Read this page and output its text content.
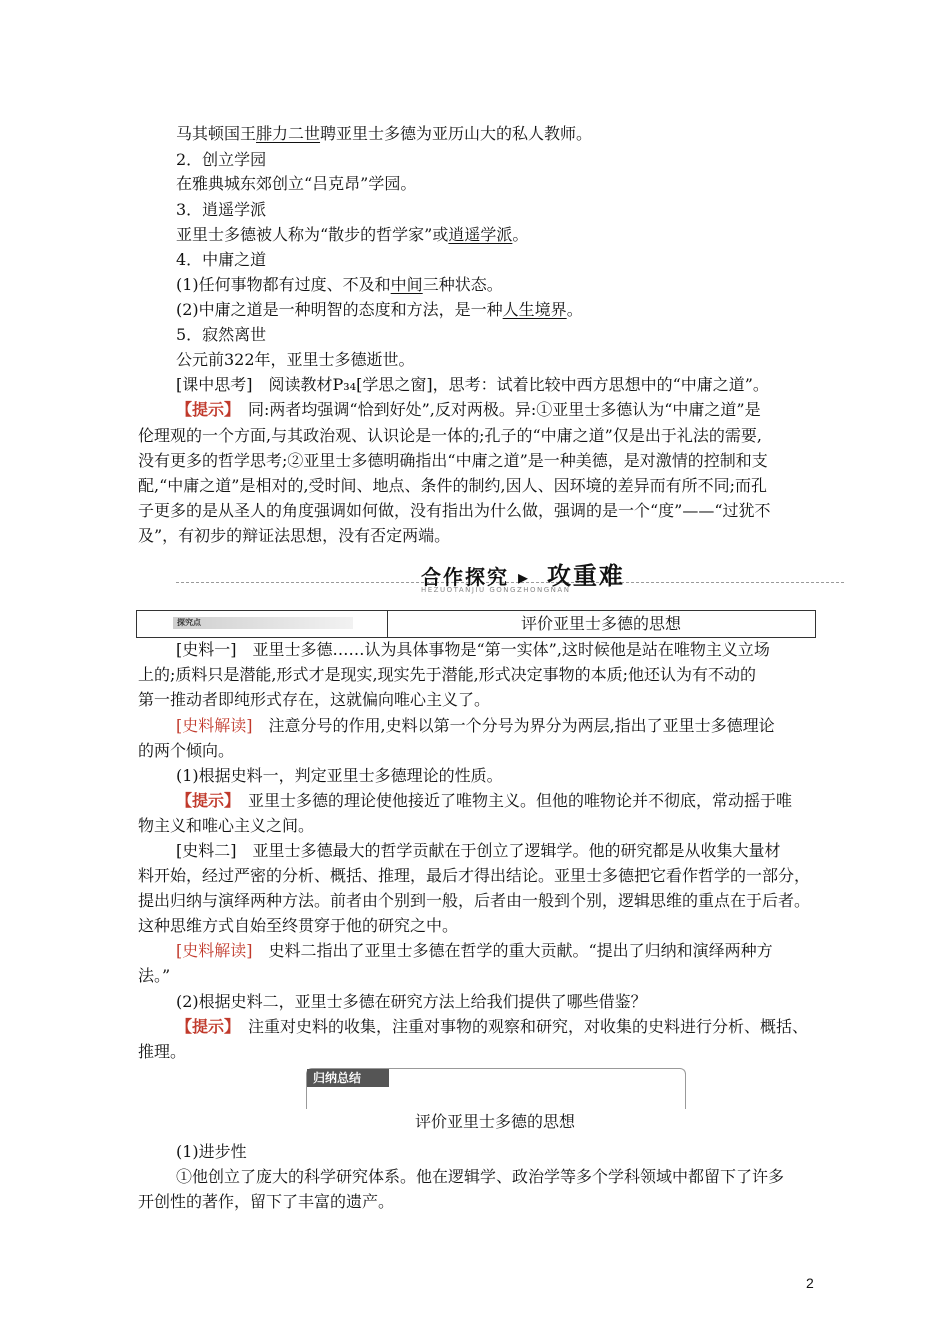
马其顿国王腓力二世聘亚里士多德为亚历山大的私人教师。
2．创立学园
在雅典城东郊创立“吕克昂”学园。
3．逍遥学派
亚里士多德被人称为“散步的哲学家”或逍遥学派。
4．中庸之道
(1)任何事物都有过度、不及和中间三种状态。
(2)中庸之道是一种明智的态度和方法，是一种人生境界。
5．寂然离世
公元前322年，亚里士多德逝世。
[课中思考]　阅读教材P₃₄[学思之窗]，思考：试着比较中西方思想中的“中庸之道”。
【提示】　同:两者均强调“恰到好处”,反对两极。异:①亚里士多德认为“中庸之道”是
伦理观的一个方面,与其政治观、认识论是一体的;孔子的“中庸之道”仅是出于礼法的需要,
没有更多的哲学思考;②亚里士多德明确指出“中庸之道”是一种美德，是对激情的控制和支
配,“中庸之道”是相对的,受时间、地点、条件的制约,因人、因环境的差异而有所不同;而孔
子更多的是从圣人的角度强调如何做，没有指出为什么做，强调的是一个“度”——“过犹不
及”，有初步的辩证法思想，没有否定两端。
合作探究 ▸ 攻重难
HEZUOTANJIU GONGZHONGNAN
探究点	评价亚里士多德的思想
[史料一]　亚里士多德……认为具体事物是“第一实体”,这时候他是站在唯物主义立场
上的;质料只是潜能,形式才是现实,现实先于潜能,形式决定事物的本质;他还认为有不动的
第一推动者即纯形式存在，这就偏向唯心主义了。
[史料解读]　注意分号的作用,史料以第一个分号为界分为两层,指出了亚里士多德理论
的两个倾向。
(1)根据史料一，判定亚里士多德理论的性质。
【提示】　亚里士多德的理论使他接近了唯物主义。但他的唯物论并不彻底，常动摇于唯
物主义和唯心主义之间。
[史料二]　亚里士多德最大的哲学贡献在于创立了逻辑学。他的研究都是从收集大量材
料开始，经过严密的分析、概括、推理，最后才得出结论。亚里士多德把它看作哲学的一部分，
提出归纳与演绎两种方法。前者由个别到一般，后者由一般到个别，逻辑思维的重点在于后者。
这种思维方式自始至终贯穿于他的研究之中。
[史料解读]　史料二指出了亚里士多德在哲学的重大贡献。“提出了归纳和演绎两种方
法。”
(2)根据史料二，亚里士多德在研究方法上给我们提供了哪些借鉴？
【提示】　注重对史料的收集，注重对事物的观察和研究，对收集的史料进行分析、概括、
推理。
归纳总结
评价亚里士多德的思想
(1)进步性
①他创立了庞大的科学研究体系。他在逻辑学、政治学等多个学科领域中都留下了许多
开创性的著作，留下了丰富的遗产。
2
